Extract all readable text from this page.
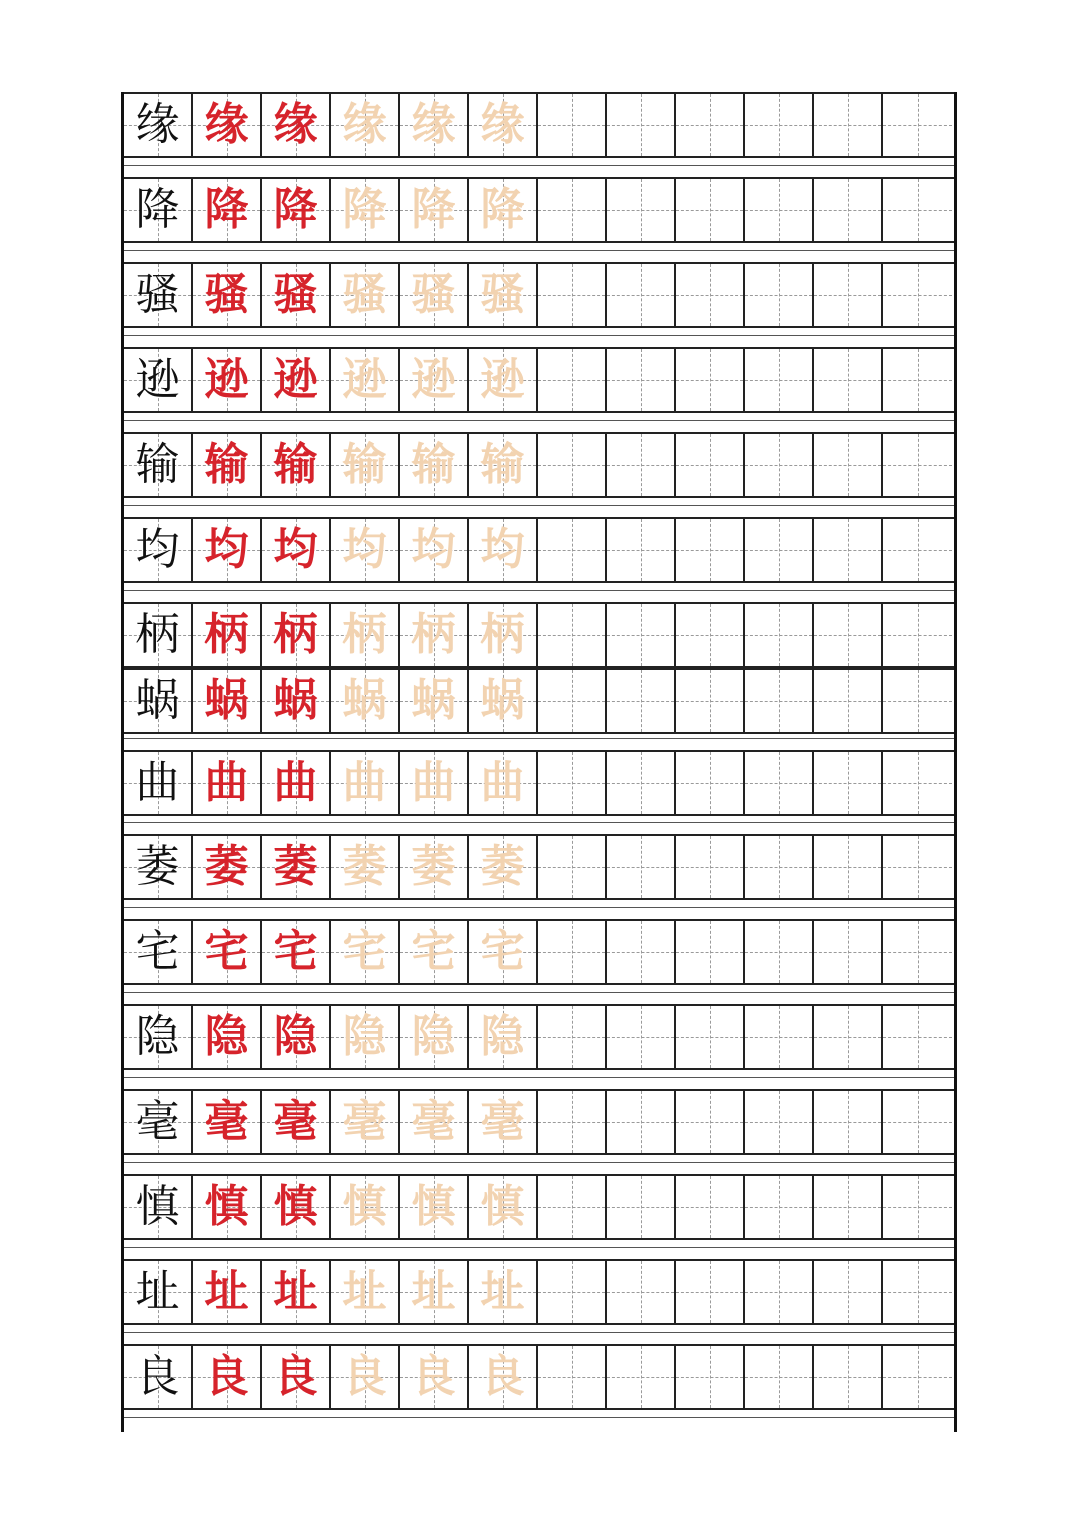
缘 缘 缘 缘 缘 缘
降 降 降 降 降 降
骚 骚 骚 骚 骚 骚
逊 逊 逊 逊 逊 逊
输 输 输 输 输 输
均 均 均 均 均 均
柄 柄 柄 柄 柄 柄
蜗 蜗 蜗 蜗 蜗 蜗
曲 曲 曲 曲 曲 曲
萎 萎 萎 萎 萎 萎
宅 宅 宅 宅 宅 宅
隐 隐 隐 隐 隐 隐
毫 毫 毫 毫 毫 毫
慎 慎 慎 慎 慎 慎
址 址 址 址 址 址
良 良 良 良 良 良
